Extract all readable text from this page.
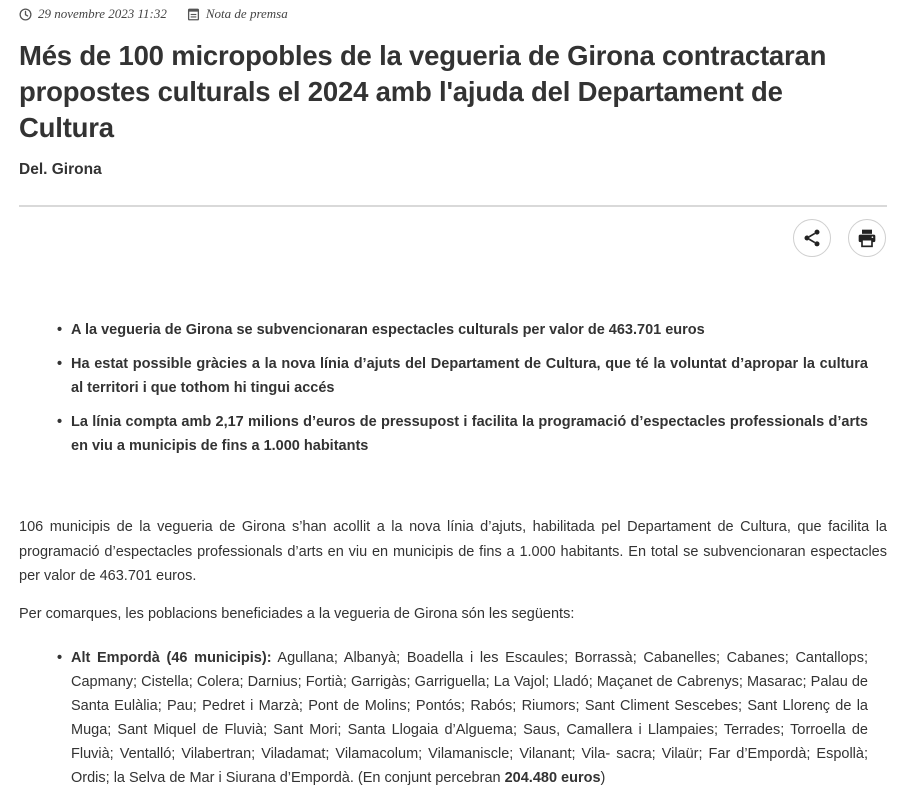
29 novembre 2023 11:32	Nota de premsa
Més de 100 micropobles de la vegueria de Girona contractaran propostes culturals el 2024 amb l'ajuda del Departament de Cultura
Del. Girona
• A la vegueria de Girona se subvencionaran espectacles culturals per valor de 463.701 euros
• Ha estat possible gràcies a la nova línia d’ajuts del Departament de Cultura, que té la voluntat d’apropar la cultura al territori i que tothom hi tingui accés
• La línia compta amb 2,17 milions d’euros de pressupost i facilita la programació d’espectacles professionals d’arts en viu a municipis de fins a 1.000 habitants

106 municipis de la vegueria de Girona s’han acollit a la nova línia d’ajuts, habilitada pel Departament de Cultura, que facilita la programació d’espectacles professionals d’arts en viu en municipis de fins a 1.000 habitants. En total se subvencionaran espectacles per valor de 463.701 euros.

Per comarques, les poblacions beneficiades a la vegueria de Girona són les següents:

• Alt Empordà (46 municipis): Agullana; Albanyà; Boadella i les Escaules; Borrassà; Cabanelles; Cabanes; Cantallops; Capmany; Cistella; Colera; Darnius; Fortià; Garrigàs; Garriguella; La Vajol; Lladó; Maçanet de Cabrenys; Masarac; Palau de Santa Eulàlia; Pau; Pedret i Marzà; Pont de Molins; Pontós; Rabós; Riumors; Sant Climent Sescebes; Sant Llorenç de la Muga; Sant Miquel de Fluvià; Sant Mori; Santa Llogaia d’Alguema; Saus, Camallera i Llampaies; Terrades; Torroella de Fluvià; Ventalló; Vilabertran; Viladamat; Vilamacolum; Vilamaniscle; Vilanant; Vila- sacra; Vilaür; Far d’Empordà; Espollà; Ordis; la Selva de Mar i Siurana d’Empordà. (En conjunt percebran 204.480 euros)
